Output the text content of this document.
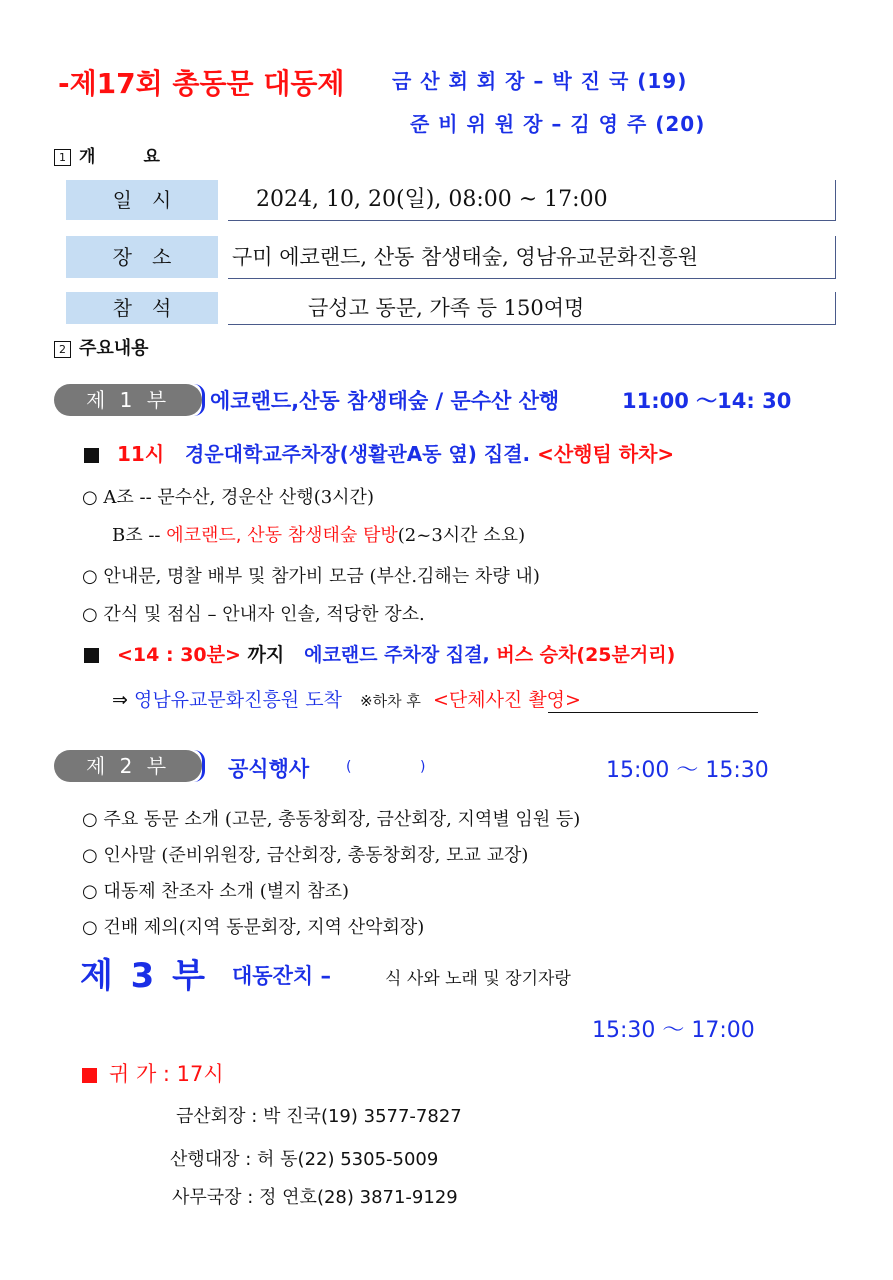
-제17회 총동문 대동제 금 산 회 회 장 – 박 진 국 (19)
준 비 위 원 장 – 김 영 주 (20)
1 개	요
일시	2024, 10, 20(일), 08:00 ~ 17:00
장소	구미 에코랜드, 산동 참생태숲, 영남유교문화진흥원
참석	금성고 동문, 가족 등 150여명
2 주요내용
제 1 부	에코랜드,산동 참생태숲 / 문수산 산행	11:00 ～14: 30
11시 경운대학교주차장(생활관A동 옆) 집결. <산행팀 하차>
○ A조 -- 문수산, 경운산 산행(3시간)
B조 -- 에코랜드, 산동 참생태숲 탐방(2~3시간 소요)
○ 안내문, 명찰 배부 및 참가비 모금 (부산.김해는 차량 내)
○ 간식 및 점심 – 안내자 인솔, 적당한 장소.
<14 : 30분> 까지   에코랜드 주차장 집결, 버스 승차(25분거리)
⇒ 영남유교문화진흥원 도착 ※하차 후 <단체사진 촬영>
제 2 부	공식행사	(	)	15:00 ～ 15:30
○ 주요 동문 소개 (고문, 총동창회장, 금산회장, 지역별 임원 등)
○ 인사말 (준비위원장, 금산회장, 총동창회장, 모교 교장)
○ 대동제 찬조자 소개 (별지 참조)
○ 건배 제의(지역 동문회장, 지역 산악회장)
제 3 부 대동잔치 –	식 사와 노래 및 장기자랑
15:30 ～ 17:00
귀 가 : 17시
금산회장 : 박 진국(19) 3577-7827
산행대장 : 허 동(22) 5305-5009
사무국장 : 정 연호(28) 3871-9129
